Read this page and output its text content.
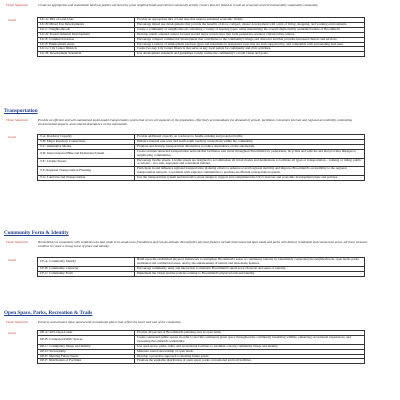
Vision Statement	Create an appropriate and sustainable land use pattern anchored by great neighborhoods and vibrant community activity centers that are linked to create an economic and environmentally sustainable community.
Goals	LU-A: Mix of Land Uses	Provide an appropriate mix of land uses that ensures sustained economic vitality.
LU-B: Mixed Use Developments	Encourage mixed use developments that provide the benefits of more compact, denser development with a mix of living, shopping, and working environments.
LU-C: Neighborhoods	Create a community of neighborhoods containing a variety of housing types, while maintaining the overall single-family residential nature of Broomfield.
LU-D: Transit Oriented Development	Develop transit oriented centers focused around major transit stops that form pedestrian-oriented, vibrant urban centers.
LU-E: Commercial Areas	Encourage compact commercial development that contributes to the community's image and character and that provides increased choices and services.
LU-F: Employment Areas	Encourage a variety of employment land use types and intensities in designated areas that are both supported by, and compatible with surrounding land uses.
LU-G: City Center Districts	Create two key City Center Districts that serve as key focal points for community and civic activities.
LU-H: Development Standards	Use development standards and guidelines to help realize the community's overall vision and goals.
Transportation
Vision Statement	Provide an efficient and well-maintained multi-modal transportation system that serves all segments of the population, effectively accommodates the demands of growth, facilitates convenient internal and regional accessibility, minimizing environmental impacts, and reduced dependence on the automobile.
Goals	T-A: Roadway Capacity	Provide additional capacity on roadways to handle existing and projected traffic.
T-B: Major Roadway Connections	Enhance internal east-west and north-south roadway connections within the community.
T-C: Alternative Modes	Promote and develop transportation alternatives to reduce dependence on the automobile.
T-D: Interconnected Bike and Pedestrian System	Create an interconnected transportation network that facilitates safe travel throughout Broomfield for pedestrians, bicyclists and vehicles and that provides linkages to neighboring communities.
T-E: Livable Streets	Encourage livable streets. Livable streets are designed to accommodate all travel modes and destinations to facilitate all types of transportation – walking or riding, public or private – in a safe, enjoyable and convenient manner.
T-F: Regional Transportation Planning	Participate in and influence regional transportation planning efforts to enhance overall regional mobility and improve Broomfield's accessibility to the regional transportation network. Coordinate with adjacent communities to promote an efficient transportation system.
T-G: Land Use and Transportation	Use the transportation system and innovative street design to support and complement the City's land use and economic development plans and policies.
Community Form & Identity
Vision Statement	Broomfield is a community with residents who take pride in its small-town friendliness and can-do attitude. Broomfield's physical features include interconnected open lands and parks with distinct residential and commercial areas. All these elements combine to create a strong sense of place and identity.
Goals	CF-A: Community Identity	Build upon the established physical framework to strengthen Broomfield's sense of community identity by identifiably connecting the neighborhoods, open lands, parks, residential and commercial areas, and by the enhancement of natural and man-made features.
CF-B: Community Character	Encourage community unity and interaction to maintain Broomfield's small-town character and sense of identity.
CF-C: Community Form	Implement the vision and the policies relating to Broomfield's physical form and identity.
Open Space, Parks, Recreation & Trails
Vision Statement	Preserve and enhance those natural and recreational places that reflect the heart and soul of the community.
Goals	OP-A: 40% Open Lands	Provide 40 percent of Broomfield's planning area as open lands.
OP-B: Connected Public Spaces	Create connected public spaces in order to provide continuous green space throughout the community benefiting wildlife, enhancing recreational experiences, and increasing Broomfield's walkability.
OP-C: Community Image and Identity	Use open space, parks, trails, and recreational facilities to establish a strong community image and identity.
OP-D: Stewardship	Maintain sound stewardship of open lands.
OP-E: Meeting Future Needs	Develop a proactive approach to meeting future needs.
OP-F: Distribution of Facilities	Promote the equitable distribution of open space, parks, recreational and trail facilities.
